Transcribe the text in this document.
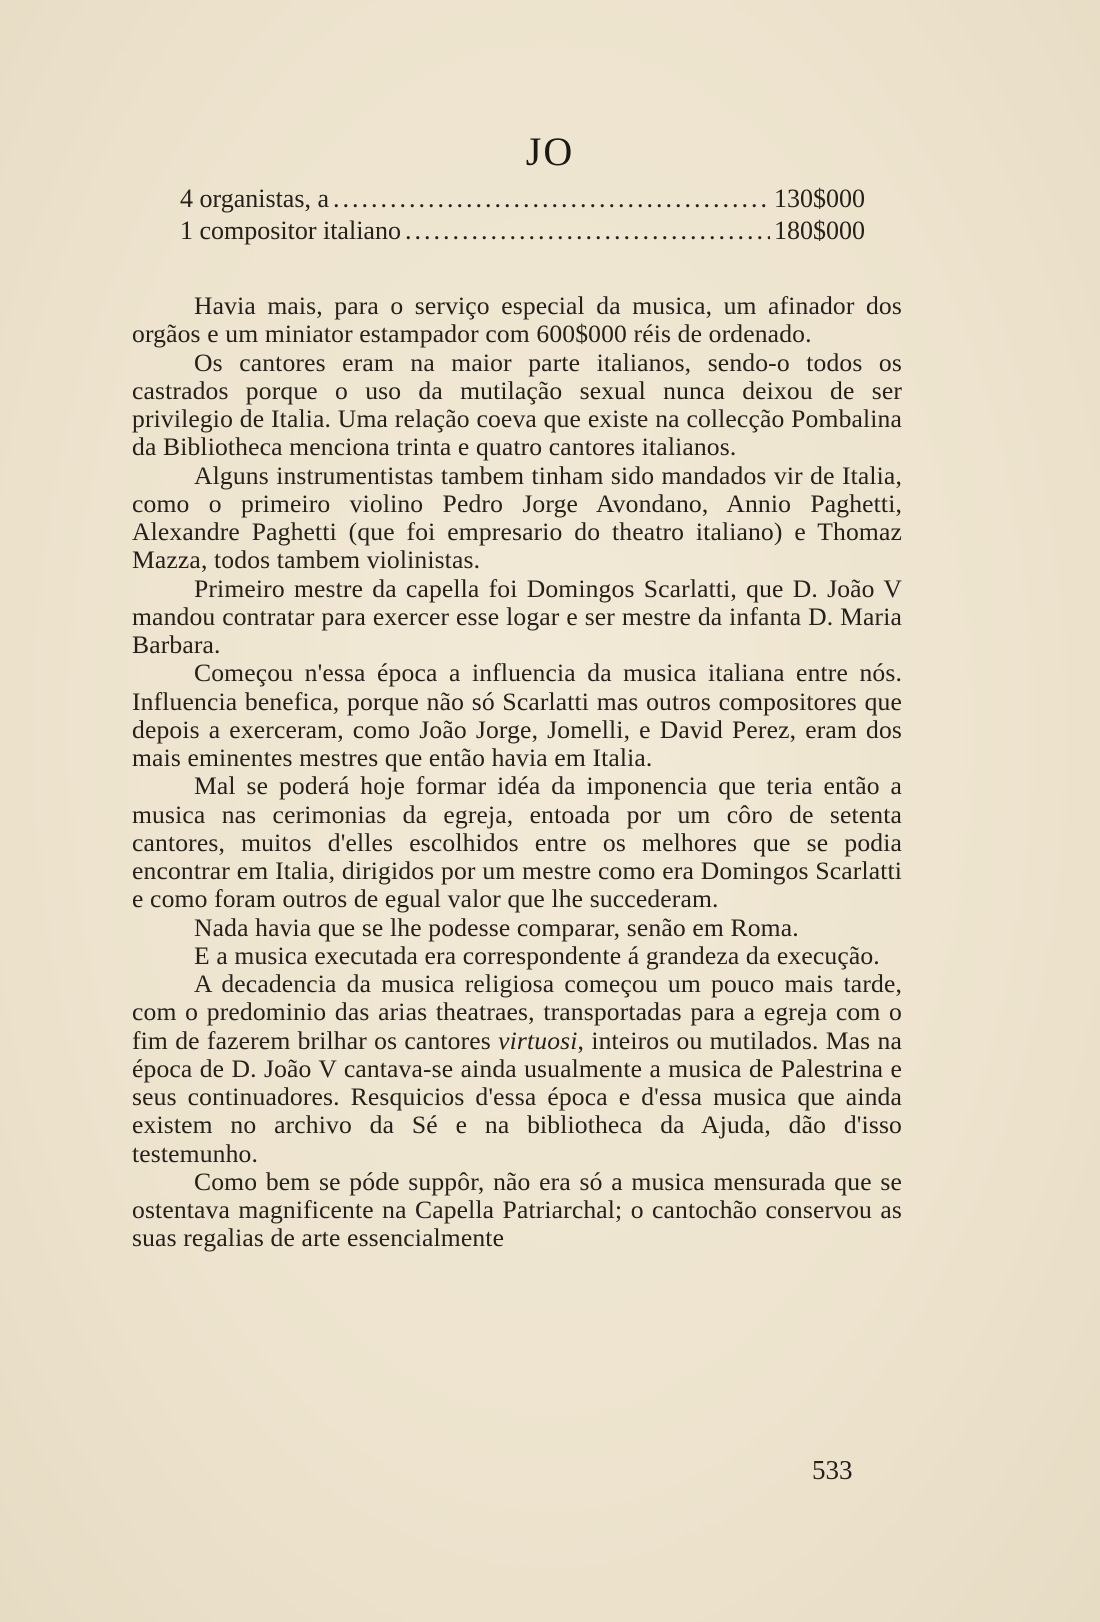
JO
4 organistas, a .....	130$000
1 compositor italiano .....	180$000

Havia mais, para o serviço especial da musica, um afinador dos orgãos e um miniator estampador com 600$000 réis de ordenado.

Os cantores eram na maior parte italianos, sendo-o todos os castrados porque o uso da mutilação sexual nunca deixou de ser privilegio de Italia. Uma relação coeva que existe na collecção Pombalina da Bibliotheca menciona trinta e quatro cantores italianos.

Alguns instrumentistas tambem tinham sido mandados vir de Italia, como o primeiro violino Pedro Jorge Avondano, Annio Paghetti, Alexandre Paghetti (que foi empresario do theatro italiano) e Thomaz Mazza, todos tambem violinistas.

Primeiro mestre da capella foi Domingos Scarlatti, que D. João V mandou contratar para exercer esse logar e ser mestre da infanta D. Maria Barbara.

Começou n'essa época a influencia da musica italiana entre nós. Influencia benefica, porque não só Scarlatti mas outros compositores que depois a exerceram, como João Jorge, Jomelli, e David Perez, eram dos mais eminentes mestres que então havia em Italia.

Mal se poderá hoje formar idéa da imponencia que teria então a musica nas cerimonias da egreja, entoada por um côro de setenta cantores, muitos d'elles escolhidos entre os melhores que se podia encontrar em Italia, dirigidos por um mestre como era Domingos Scarlatti e como foram outros de egual valor que lhe succederam.

Nada havia que se lhe podesse comparar, senão em Roma.

E a musica executada era correspondente á grandeza da execução.

A decadencia da musica religiosa começou um pouco mais tarde, com o predominio das arias theatraes, transportadas para a egreja com o fim de fazerem brilhar os cantores virtuosi, inteiros ou mutilados. Mas na época de D. João V cantava-se ainda usualmente a musica de Palestrina e seus continuadores. Resquicios d'essa época e d'essa musica que ainda existem no archivo da Sé e na bibliotheca da Ajuda, dão d'isso testemunho.

Como bem se póde suppôr, não era só a musica mensurada que se ostentava magnificente na Capella Patriarchal; o cantochão conservou as suas regalias de arte essencialmente

533
